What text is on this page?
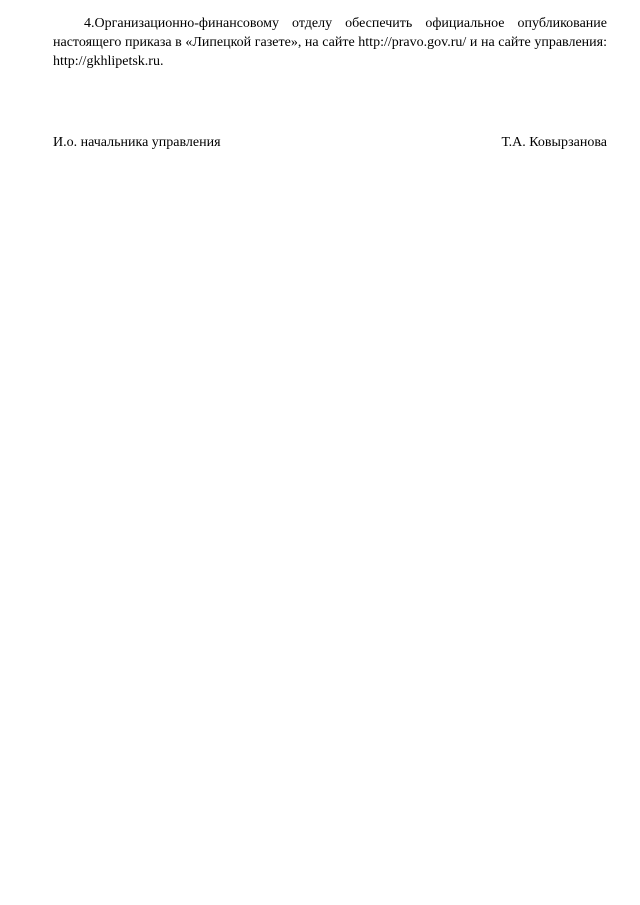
4.Организационно-финансовому отделу обеспечить официальное опубликование настоящего приказа в «Липецкой газете», на сайте http://pravo.gov.ru/ и на сайте управления: http://gkhlipetsk.ru.

И.о. начальника управления	Т.А. Ковырзанова
